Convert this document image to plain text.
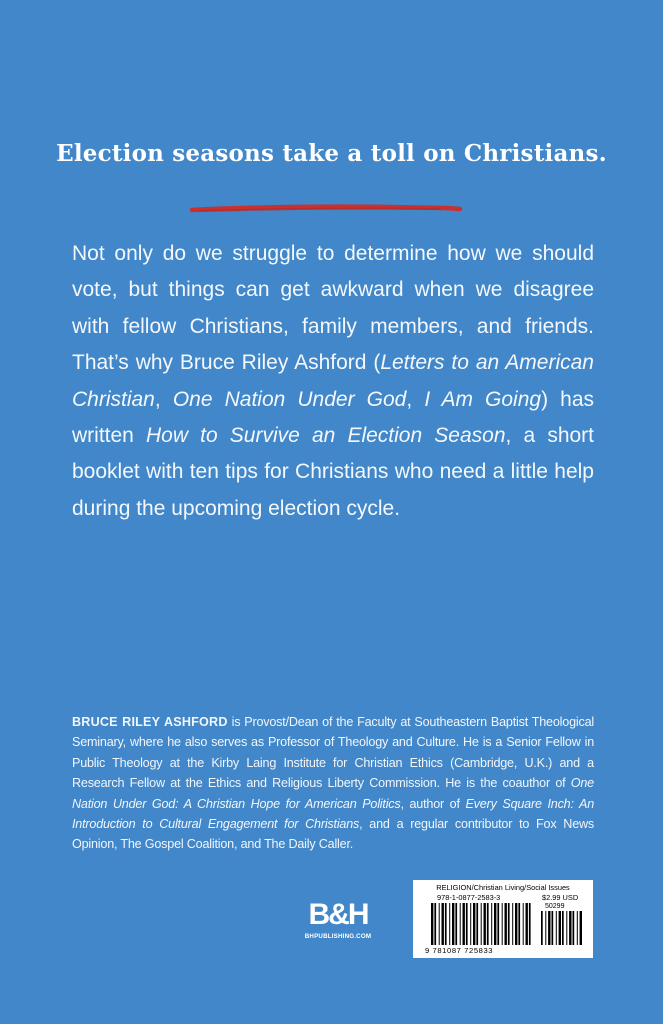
Election seasons take a toll on Christians.
Not only do we struggle to determine how we should vote, but things can get awkward when we disagree with fellow Christians, family members, and friends. That’s why Bruce Riley Ashford (Letters to an American Christian, One Nation Under God, I Am Going) has written How to Survive an Election Season, a short booklet with ten tips for Christians who need a little help during the upcoming election cycle.
BRUCE RILEY ASHFORD is Provost/Dean of the Faculty at Southeastern Baptist Theological Seminary, where he also serves as Professor of Theology and Culture. He is a Senior Fellow in Public Theology at the Kirby Laing Institute for Christian Ethics (Cambridge, U.K.) and a Research Fellow at the Ethics and Religious Liberty Commission. He is the coauthor of One Nation Under God: A Christian Hope for American Politics, author of Every Square Inch: An Introduction to Cultural Engagement for Christians, and a regular contributor to Fox News Opinion, The Gospel Coalition, and The Daily Caller.
B&H
BHPUBLISHING.COM
RELIGION/Christian Living/Social Issues
978-1-0877-2583-3	$2.99 USD
50299
9 781087 725833
